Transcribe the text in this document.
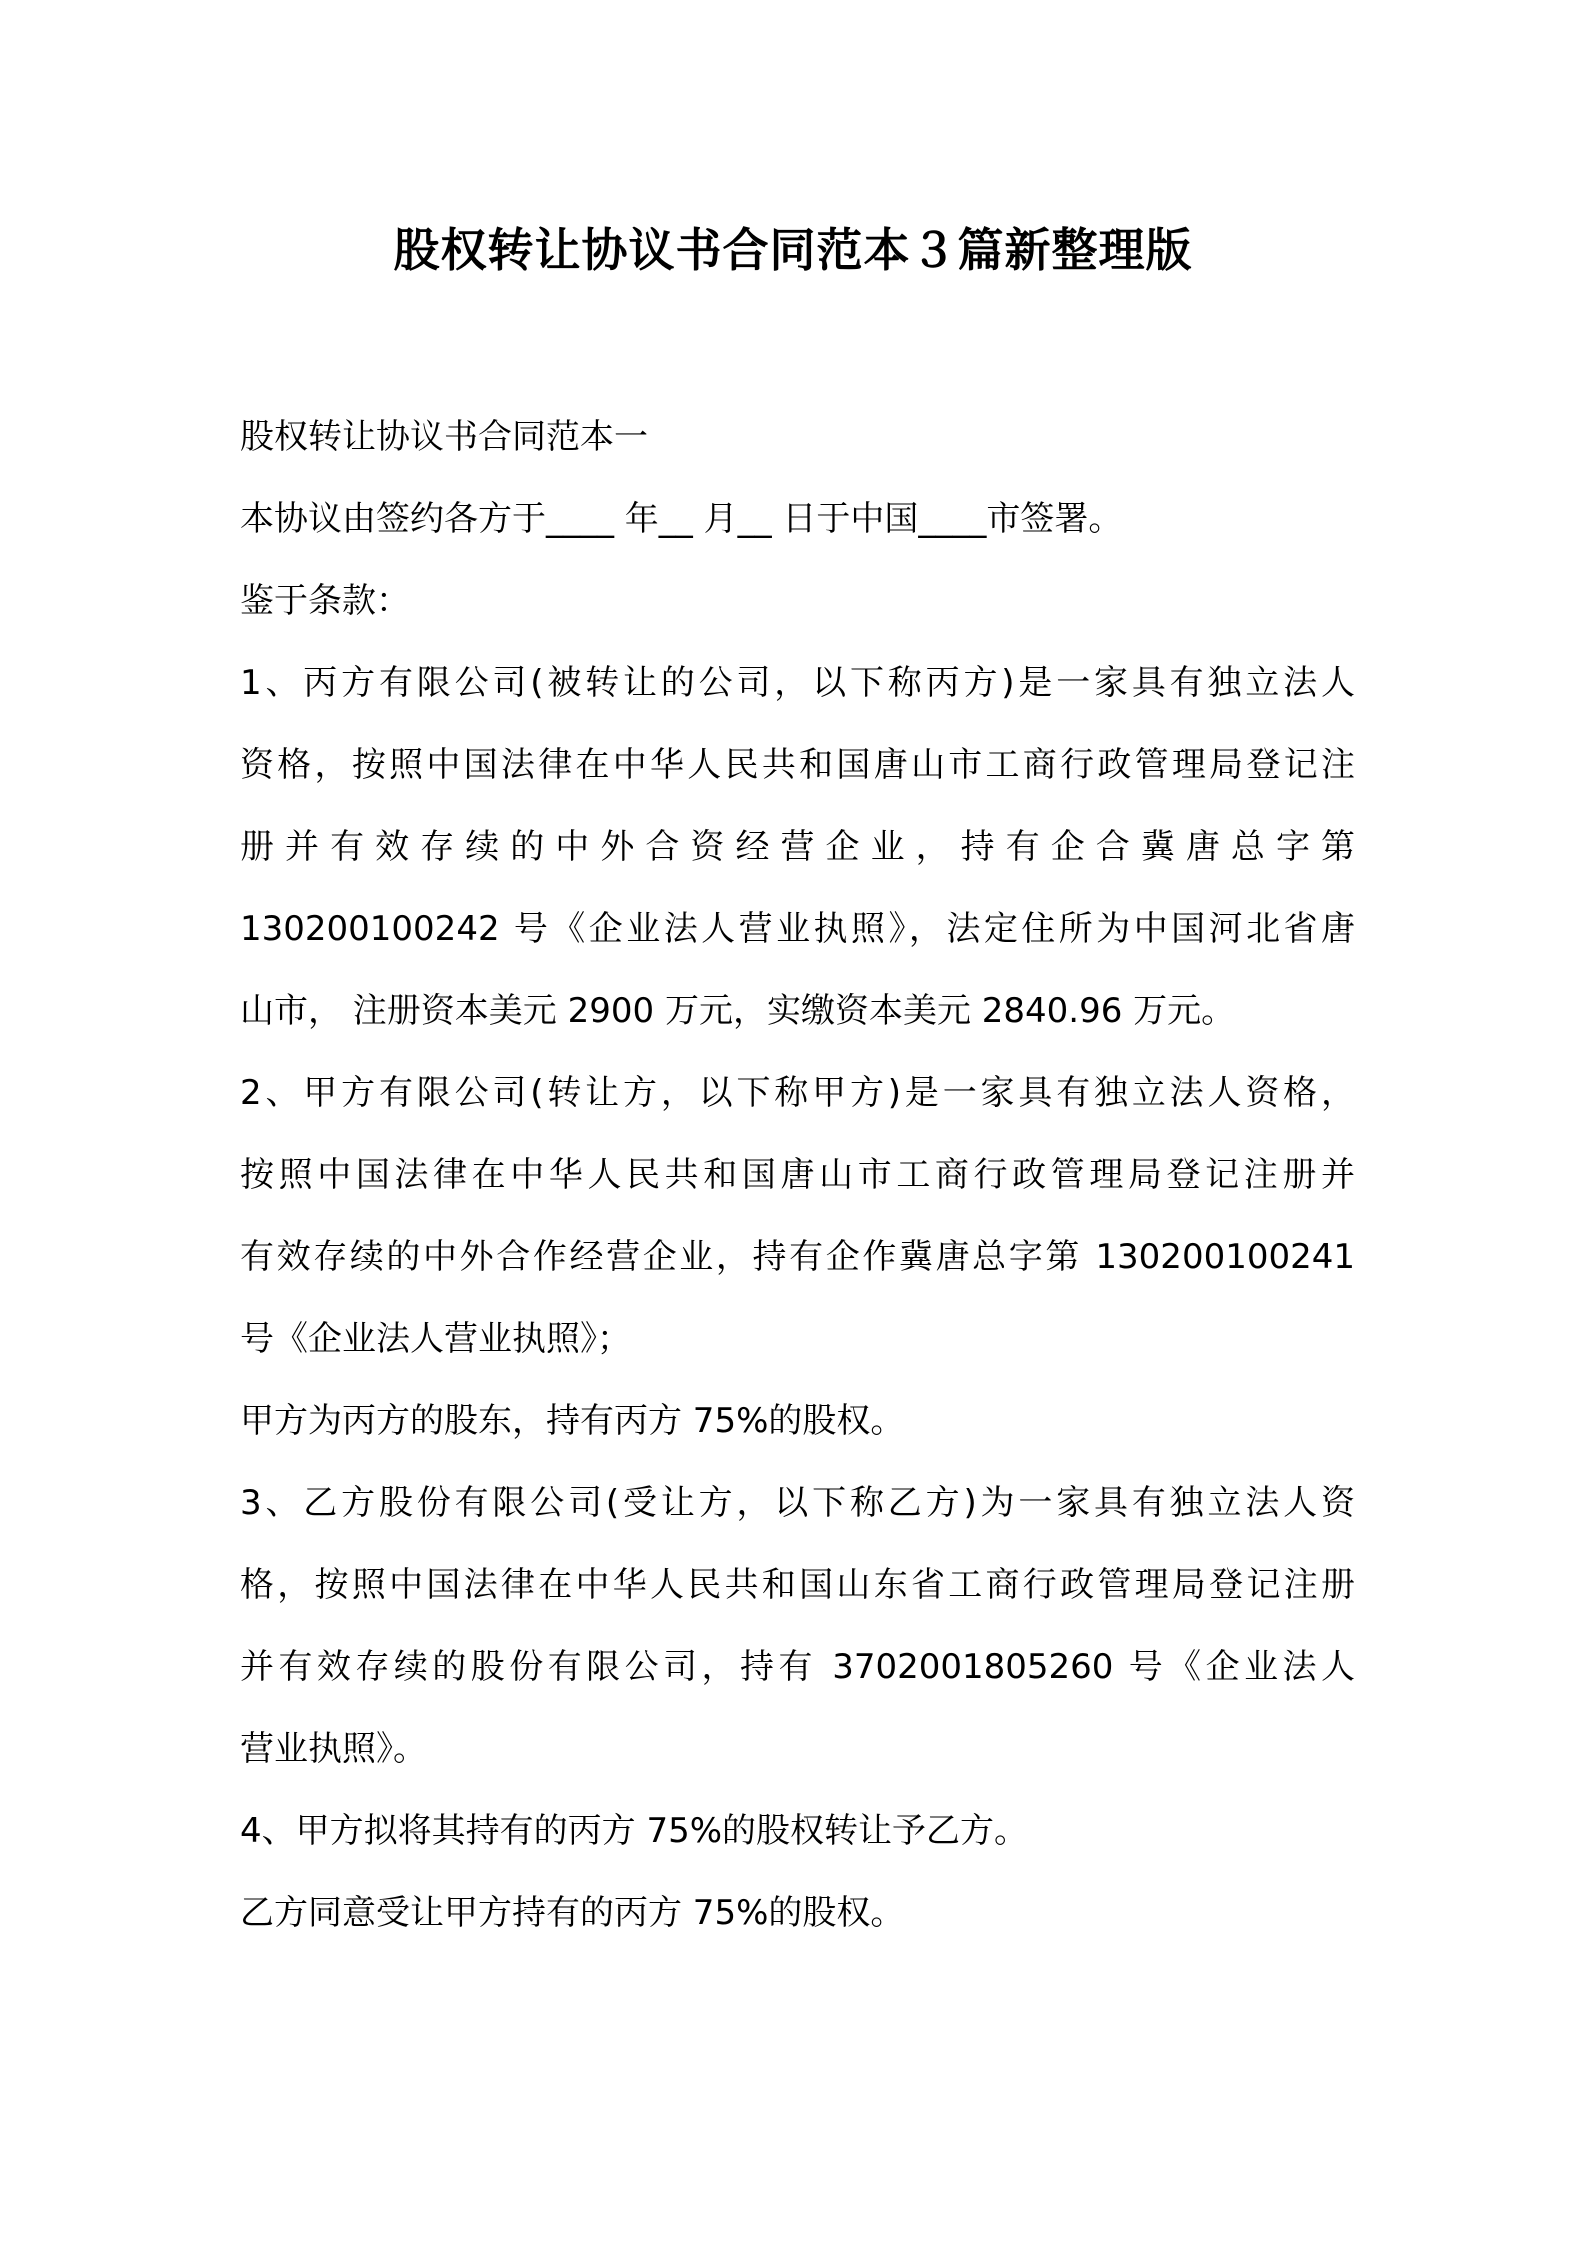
股权转让协议书合同范本３篇新整理版
股权转让协议书合同范本一
本协议由签约各方于____ 年__ 月__ 日于中国____市签署。
鉴于条款：
1、丙方有限公司(被转让的公司，以下称丙方)是一家具有独立法人
资格，按照中国法律在中华人民共和国唐山市工商行政管理局登记注
册并有效存续的中外合资经营企业，持有企合冀唐总字第
130200100242 号《企业法人营业执照》，法定住所为中国河北省唐
山市， 注册资本美元 2900 万元，实缴资本美元 2840.96 万元。
2、甲方有限公司(转让方，以下称甲方)是一家具有独立法人资格，
按照中国法律在中华人民共和国唐山市工商行政管理局登记注册并
有效存续的中外合作经营企业，持有企作冀唐总字第 130200100241
号《企业法人营业执照》；
甲方为丙方的股东，持有丙方 75%的股权。
3、乙方股份有限公司(受让方，以下称乙方)为一家具有独立法人资
格，按照中国法律在中华人民共和国山东省工商行政管理局登记注册
并有效存续的股份有限公司，持有 3702001805260 号《企业法人
营业执照》。
4、甲方拟将其持有的丙方 75%的股权转让予乙方。
乙方同意受让甲方持有的丙方 75%的股权。
